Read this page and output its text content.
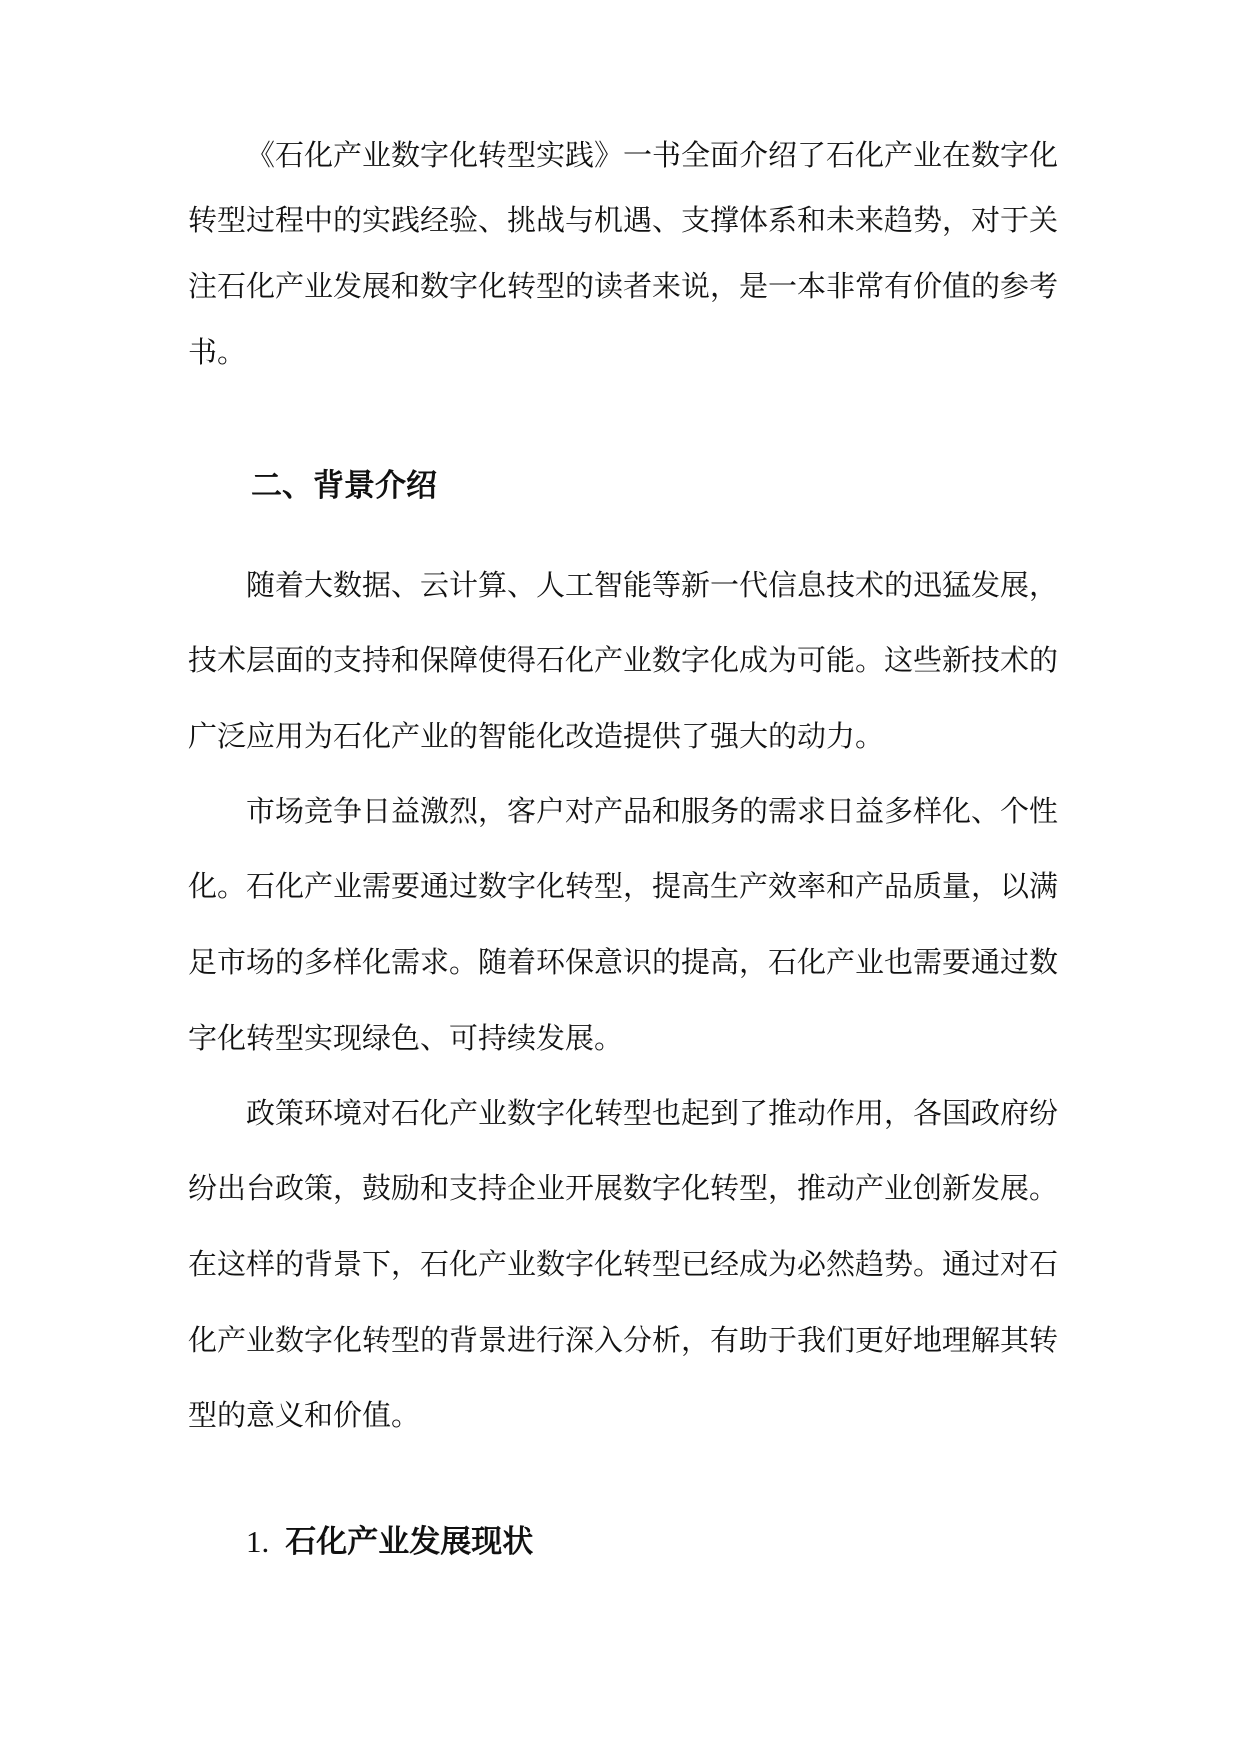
《石化产业数字化转型实践》一书全面介绍了石化产业在数字化
转型过程中的实践经验、挑战与机遇、支撑体系和未来趋势，对于关
注石化产业发展和数字化转型的读者来说，是一本非常有价值的参考
书。
二、背景介绍
随着大数据、云计算、人工智能等新一代信息技术的迅猛发展，
技术层面的支持和保障使得石化产业数字化成为可能。这些新技术的
广泛应用为石化产业的智能化改造提供了强大的动力。
市场竞争日益激烈，客户对产品和服务的需求日益多样化、个性
化。石化产业需要通过数字化转型，提高生产效率和产品质量，以满
足市场的多样化需求。随着环保意识的提高，石化产业也需要通过数
字化转型实现绿色、可持续发展。
政策环境对石化产业数字化转型也起到了推动作用，各国政府纷
纷出台政策，鼓励和支持企业开展数字化转型，推动产业创新发展。
在这样的背景下，石化产业数字化转型已经成为必然趋势。通过对石
化产业数字化转型的背景进行深入分析，有助于我们更好地理解其转
型的意义和价值。
1. 石化产业发展现状
